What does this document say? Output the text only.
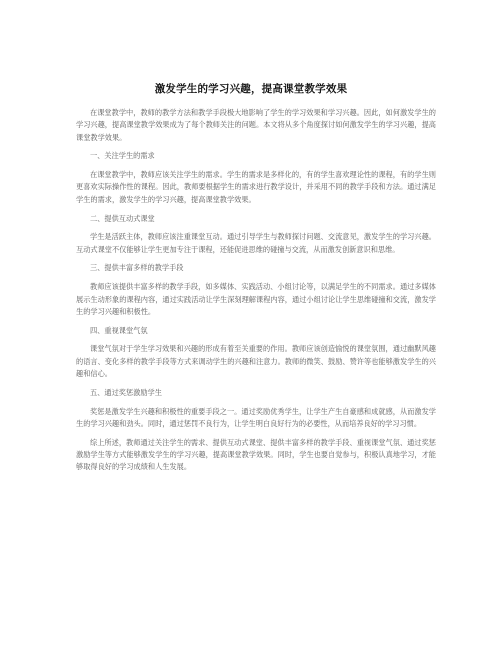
激发学生的学习兴趣，提高课堂教学效果

在课堂教学中，教师的教学方法和教学手段极大地影响了学生的学习效果和学习兴趣。因此，如何激发学生的学习兴趣，提高课堂教学效果成为了每个教师关注的问题。本文将从多个角度探讨如何激发学生的学习兴趣，提高课堂教学效果。

一、关注学生的需求

在课堂教学中，教师应该关注学生的需求。学生的需求是多样化的，有的学生喜欢理论性的课程，有的学生则更喜欢实际操作性的课程。因此，教师要根据学生的需求进行教学设计，并采用不同的教学手段和方法。通过满足学生的需求，激发学生的学习兴趣，提高课堂教学效果。

二、提供互动式课堂

学生是活跃主体，教师应该注重课堂互动。通过引导学生与教师探讨问题、交流意见，激发学生的学习兴趣。互动式课堂不仅能够让学生更加专注于课程，还能促进思维的碰撞与交流，从而激发创新意识和思维。

三、提供丰富多样的教学手段

教师应该提供丰富多样的教学手段，如多媒体、实践活动、小组讨论等，以满足学生的不同需求。通过多媒体展示生动形象的课程内容，通过实践活动让学生深刻理解课程内容，通过小组讨论让学生思维碰撞和交流，激发学生的学习兴趣和积极性。

四、重视课堂气氛

课堂气氛对于学生学习效果和兴趣的形成有着至关重要的作用。教师应该创造愉悦的课堂氛围，通过幽默风趣的语言、变化多样的教学手段等方式来调动学生的兴趣和注意力。教师的微笑、鼓励、赞许等也能够激发学生的兴趣和信心。

五、通过奖惩激励学生

奖惩是激发学生兴趣和积极性的重要手段之一。通过奖励优秀学生，让学生产生自豪感和成就感，从而激发学生的学习兴趣和劲头。同时，通过惩罚不良行为，让学生明白良好行为的必要性，从而培养良好的学习习惯。

综上所述，教师通过关注学生的需求、提供互动式课堂、提供丰富多样的教学手段、重视课堂气氛、通过奖惩激励学生等方式能够激发学生的学习兴趣，提高课堂教学效果。同时，学生也要自觉参与，积极认真地学习，才能够取得良好的学习成绩和人生发展。
